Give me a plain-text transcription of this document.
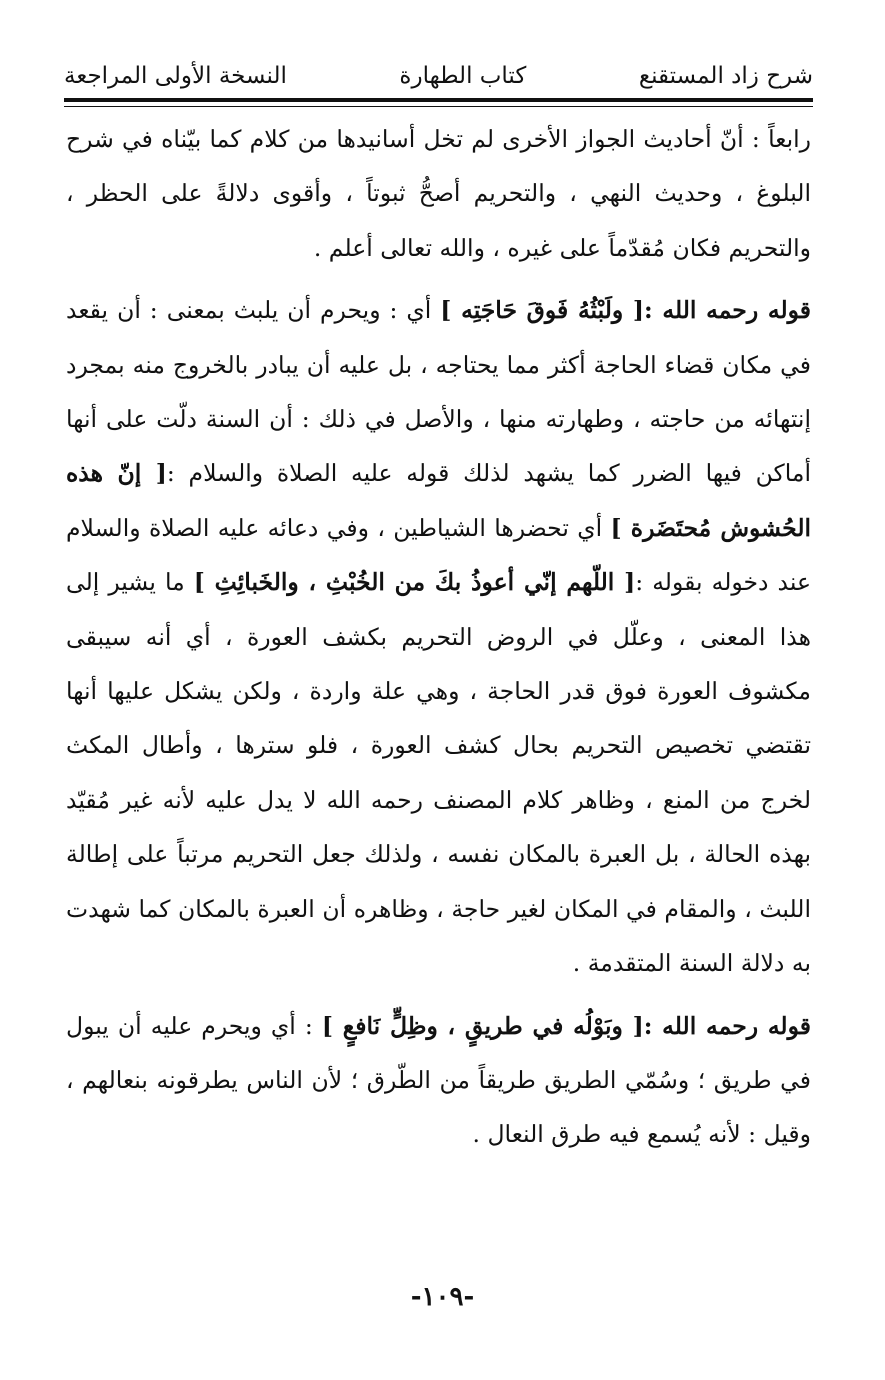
شرح زاد المستقنع
كتاب الطهارة
النسخة الأولى المراجعة

رابعاً : أنّ أحاديث الجواز الأخرى لم تخل أسانيدها من كلام كما بيّناه في شرح البلوغ ، وحديث النهي ، والتحريم أصحُّ ثبوتاً ، وأقوى دلالةً على الحظر ، والتحريم فكان مُقدّماً على غيره ، والله تعالى أعلم .

قوله رحمه الله :[ ولَبْثُهُ فَوقَ حَاجَتِه ] أي : ويحرم أن يلبث بمعنى : أن يقعد في مكان قضاء الحاجة أكثر مما يحتاجه ، بل عليه أن يبادر بالخروج منه بمجرد إنتهائه من حاجته ، وطهارته منها ، والأصل في ذلك : أن السنة دلّت على أنها أماكن فيها الضرر كما يشهد لذلك قوله عليه الصلاة والسلام :[ إنّ هذه الحُشوش مُحتَضَرة ] أي تحضرها الشياطين ، وفي دعائه عليه الصلاة والسلام عند دخوله بقوله :[ اللّهم إنّي أعوذُ بكَ من الخُبْثِ ، والخَبائِثِ ] ما يشير إلى هذا المعنى ، وعلّل في الروض التحريم بكشف العورة ، أي أنه سيبقى مكشوف العورة فوق قدر الحاجة ، وهي علة واردة ، ولكن يشكل عليها أنها تقتضي تخصيص التحريم بحال كشف العورة ، فلو سترها ، وأطال المكث لخرج من المنع ، وظاهر كلام المصنف رحمه الله لا يدل عليه لأنه غير مُقيّد بهذه الحالة ، بل العبرة بالمكان نفسه ، ولذلك جعل التحريم مرتباً على إطالة اللبث ، والمقام في المكان لغير حاجة ، وظاهره أن العبرة بالمكان كما شهدت به دلالة السنة المتقدمة .

قوله رحمه الله :[ وبَوْلُه في طريقٍ ، وظِلٍّ نَافعٍ ] : أي ويحرم عليه أن يبول في طريق ؛ وسُمّي الطريق طريقاً من الطّرق ؛ لأن الناس يطرقونه بنعالهم ، وقيل : لأنه يُسمع فيه طرق النعال .

-١٠٩-
